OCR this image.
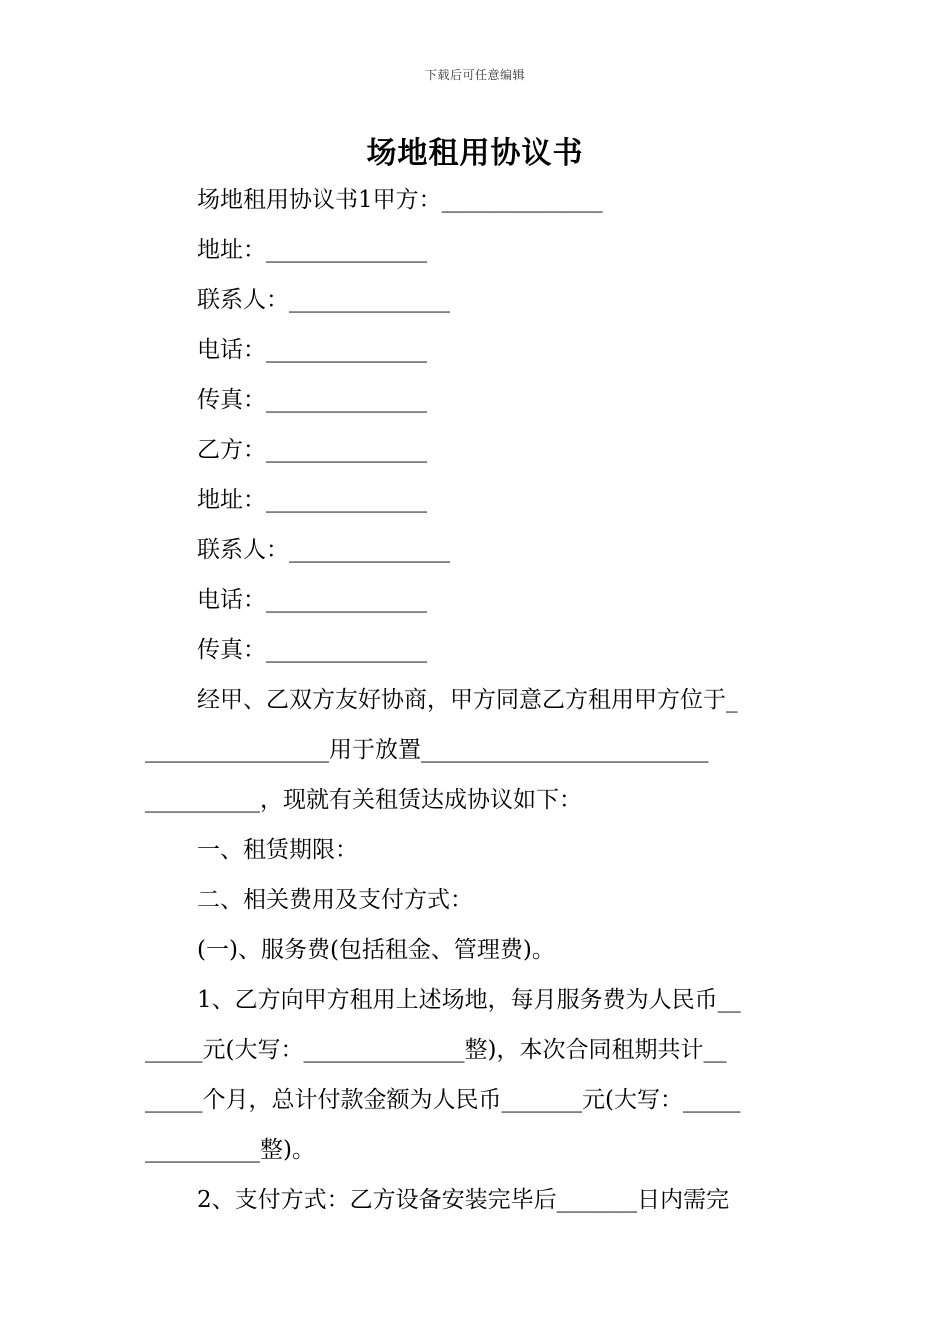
下载后可任意编辑
场地租用协议书
场地租用协议书1甲方：______________
地址：______________
联系人：______________
电话：______________
传真：______________
乙方：______________
地址：______________
联系人：______________
电话：______________
传真：______________
经甲、乙双方友好协商，甲方同意乙方租用甲方位于_
________________用于放置_________________________
__________，现就有关租赁达成协议如下：
一、租赁期限：
二、相关费用及支付方式：
(一)、服务费(包括租金、管理费)。
1、乙方向甲方租用上述场地，每月服务费为人民币__
_____元(大写：______________整)，本次合同租期共计__
_____个月，总计付款金额为人民币_______元(大写：_____
__________整)。
2、支付方式：乙方设备安装完毕后_______日内需完
